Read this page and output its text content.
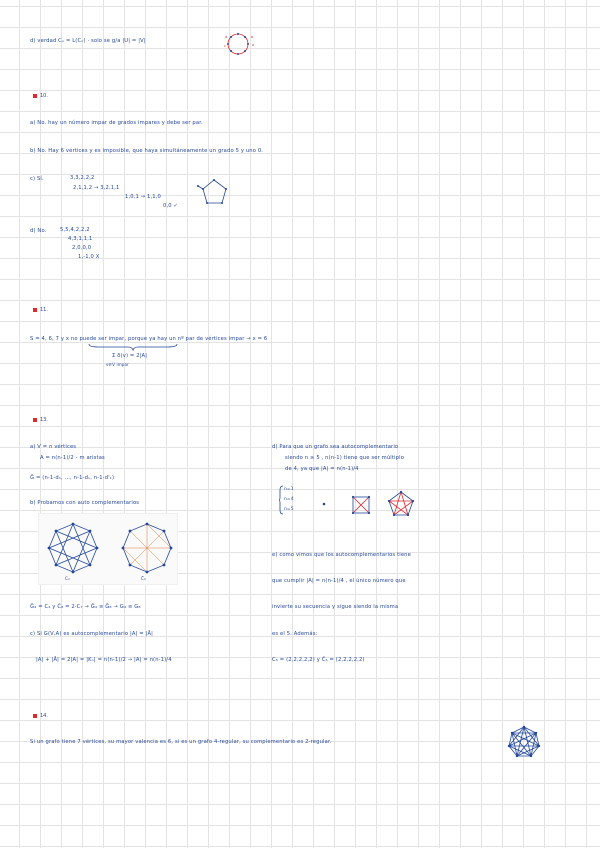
d) verdad Cₙ = L(Cₙ) · solo se g/a |U| = |V|
d	b
a
c
10.
a) No. hay un número impar de grados impares y debe ser par.
b) No. Hay 6 vértices y es imposible, que haya simultáneamente un grado 5 y uno 0.
c) Sí.	3,3,2,2,2
2,1,1,2 → 3,2,1,1
1,0,1 → 1,1,0
0,0 ✓
d) No.	5,5,4,2,2,2
4,3,1,1,1
2,0,0,0
1,-1,0 X
11.
S = 4, 6, 7 y x no puede ser impar, porque ya hay un nº par de vértices impar → x = 6
Σ δ(v) = 2|A|
v∈V impar
13.
a) V = n vértices
A = n(n-1)/2 - m aristas
Ḡ = (n-1-d₁, ..., n-1-dₙ, n-1-d'₁)
b) Probamos con auto complementarios
C₄	C̄₄
Ḡ₄ = C₄ y C̄₈ = 2·C₇ → Ḡ₄ ≅ Ḡ₈ → G₄ ≅ G₈
c) Si G(V,A) es autocomplementario |A| = |Ā|
|A| + |Ā| = 2|A| = |Kₙ| = n(n-1)/2 → |A| = n(n-1)/4
d) Para que un grafo sea autocomplementario
siendo n ≥ 5 , n(n-1) tiene que ser múltiplo
de 4, ya que |A| = n(n-1)/4
n=1
n=4
n=5
e) como vimos que los autocomplementarios tiene
que cumplir |A| = n(n-1)/4 , el único número que
invierte su secuencia y sigue siendo la misma
es el 5. Además:
C₅ = (2,2,2,2,2) y C̄₅ = (2,2,2,2,2)
14.
Si un grafo tiene 7 vértices, su mayor valencia es 6, si es un grafo 4-regular, su complementario es 2-regular.
